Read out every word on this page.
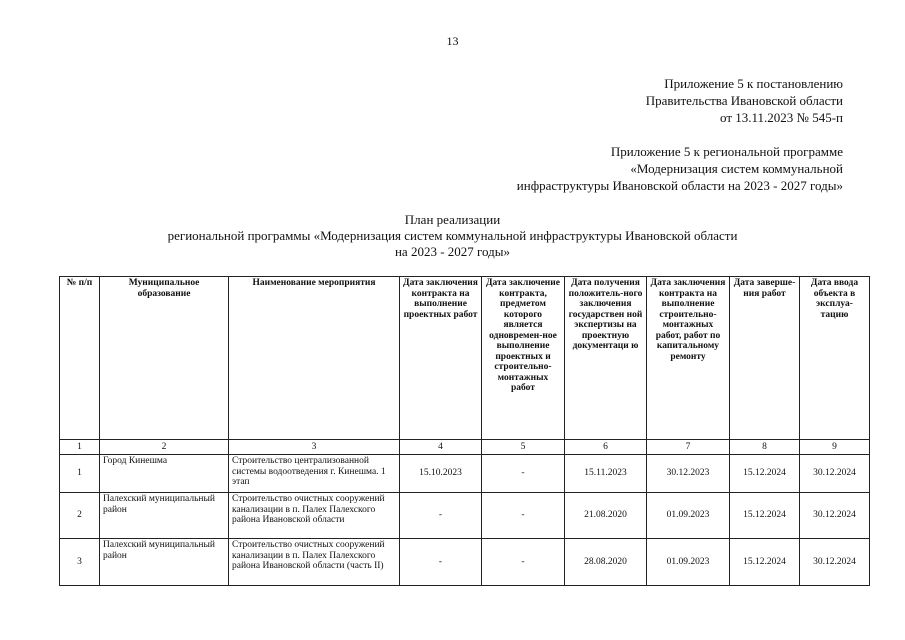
13
Приложение 5 к постановлению
Правительства Ивановской области
от 13.11.2023 № 545-п
Приложение 5 к региональной программе
«Модернизация систем коммунальной
инфраструктуры Ивановской области на 2023 - 2027 годы»
План реализации
региональной программы «Модернизация систем коммунальной инфраструктуры Ивановской области
на 2023 - 2027 годы»
№ п/п	Муниципальное образование	Наименование мероприятия	Дата заключения контракта на выполнение проектных работ	Дата заключение контракта, предметом которого является одновремен-ное выполнение проектных и строительно-монтажных работ	Дата получения положитель-ного заключения государствен ной экспертизы на проектную документаци ю	Дата заключения контракта на выполнение строительно-монтажных работ, работ по капитальному ремонту	Дата заверше-ния работ	Дата ввода объекта в эксплуа-тацию
1	2	3	4	5	6	7	8	9
1	Город Кинешма	Строительство централизованной системы водоотведения г. Кинешма. 1 этап	15.10.2023	-	15.11.2023	30.12.2023	15.12.2024	30.12.2024
2	Палехский муниципальный район	Строительство очистных сооружений канализации в п. Палех Палехского района Ивановской области	-	-	21.08.2020	01.09.2023	15.12.2024	30.12.2024
3	Палехский муниципальный район	Строительство очистных сооружений канализации в п. Палех Палехского района Ивановской области (часть II)	-	-	28.08.2020	01.09.2023	15.12.2024	30.12.2024
